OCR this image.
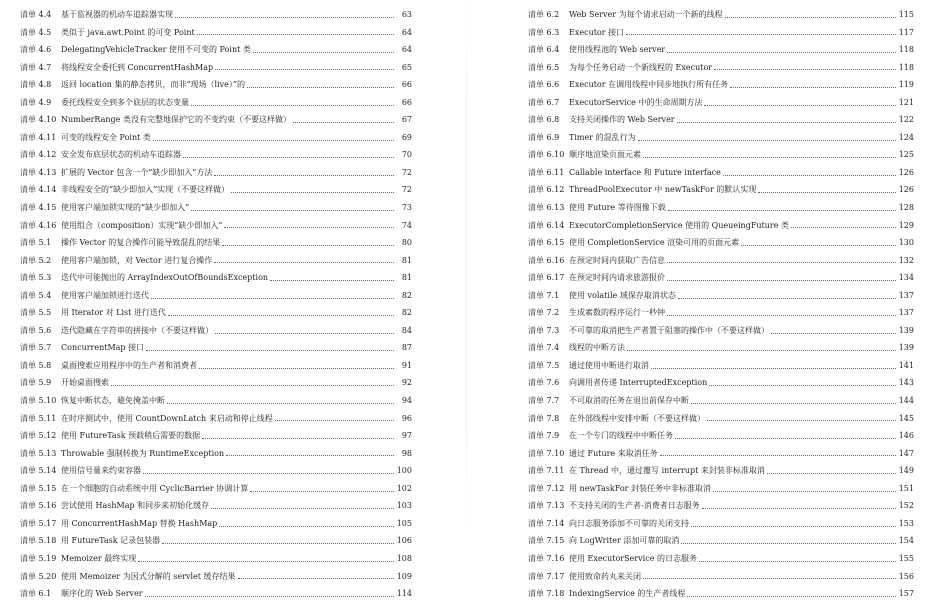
清单 4.4	基于监视器的机动车追踪器实现	63
清单 4.5	类似于 java.awt.Point 的可变 Point	64
清单 4.6	DelegatingVehicleTracker 使用不可变的 Point 类	64
清单 4.7	将线程安全委托到 ConcurrentHashMap	65
清单 4.8	返回 location 集的静态拷贝，而非“现场（live）”的	66
清单 4.9	委托线程安全到多个底层的状态变量	66
清单 4.10 NumberRange 类没有完整地保护它的不变约束（不要这样做）	67
清单 4.11 可变的线程安全 Point 类	69
清单 4.12 安全发布底层状态的机动车追踪器	70
清单 4.13 扩展的 Vector 包含一个“缺少即加入”方法	72
清单 4.14 非线程安全的“缺少即加入”实现（不要这样做）	72
清单 4.15 使用客户端加锁实现的“缺少即加入”	73
清单 4.16 使用组合（composition）实现“缺少即加入”	74
清单 5.1	操作 Vector 的复合操作可能导致混乱的结果	80
清单 5.2	使用客户端加锁，对 Vector 进行复合操作	81
清单 5.3	迭代中可能抛出的 ArrayIndexOutOfBoundsException	81
清单 5.4	使用客户端加锁进行迭代	82
清单 5.5	用 Iterator 对 List 进行迭代	82
清单 5.6	迭代隐藏在字符串的拼接中（不要这样做）	84
清单 5.7	ConcurrentMap 接口	87
清单 5.8	桌面搜索应用程序中的生产者和消费者	91
清单 5.9	开始桌面搜索	92
清单 5.10 恢复中断状态，避免掩盖中断	94
清单 5.11 在时序测试中，使用 CountDownLatch 来启动和停止线程	96
清单 5.12 使用 FutureTask 预载稍后需要的数据	97
清单 5.13 Throwable 强制转换为 RuntimeException	98
清单 5.14 使用信号量来约束容器	100
清单 5.15 在一个细胞的自动系统中用 CyclicBarrier 协调计算	102
清单 5.16 尝试使用 HashMap 和同步来初始化缓存	103
清单 5.17 用 ConcurrentHashMap 替换 HashMap	105
清单 5.18 用 FutureTask 记录包装器	106
清单 5.19 Memoizer 最终实现	108
清单 5.20 使用 Memoizer 为因式分解的 servlet 缓存结果	109
清单 6.1	顺序化的 Web Server	114
清单 6.2	Web Server 为每个请求启动一个新的线程	115
清单 6.3	Executor 接口	117
清单 6.4	使用线程池的 Web server	118
清单 6.5	为每个任务启动一个新线程的 Executor	118
清单 6.6	Executor 在调用线程中同步地执行所有任务	119
清单 6.7	ExecutorService 中的生命周期方法	121
清单 6.8	支持关闭操作的 Web Server	122
清单 6.9	Timer 的混乱行为	124
清单 6.10 顺序地渲染页面元素	125
清单 6.11 Callable interface 和 Future interface	126
清单 6.12 ThreadPoolExecutor 中 newTaskFor 的默认实现	126
清单 6.13 使用 Future 等待图像下载	128
清单 6.14 ExecutorCompletionService 使用的 QueueingFuture 类	129
清单 6.15 使用 CompletionService 渲染可用的页面元素	130
清单 6.16 在预定时间内获取广告信息	132
清单 6.17 在预定时间内请求旅游报价	134
清单 7.1	使用 volatile 域保存取消状态	137
清单 7.2	生成素数的程序运行一秒钟	137
清单 7.3	不可靠的取消把生产者置于阻塞的操作中（不要这样做）	139
清单 7.4	线程的中断方法	139
清单 7.5	通过使用中断进行取消	141
清单 7.6	向调用者传递 InterruptedException	143
清单 7.7	不可取消的任务在退出前保存中断	144
清单 7.8	在外部线程中安排中断（不要这样做）	145
清单 7.9	在一个专门的线程中中断任务	146
清单 7.10 通过 Future 来取消任务	147
清单 7.11 在 Thread 中，通过覆写 interrupt 来封装非标准取消	149
清单 7.12 用 newTaskFor 封装任务中非标准取消	151
清单 7.13 不支持关闭的生产者-消费者日志服务	152
清单 7.14 向日志服务添加不可靠的关闭支持	153
清单 7.15 向 LogWriter 添加可靠的取消	154
清单 7.16 使用 ExecutorService 的日志服务	155
清单 7.17 使用致命药丸来关闭	156
清单 7.18 IndexingService 的生产者线程	157
